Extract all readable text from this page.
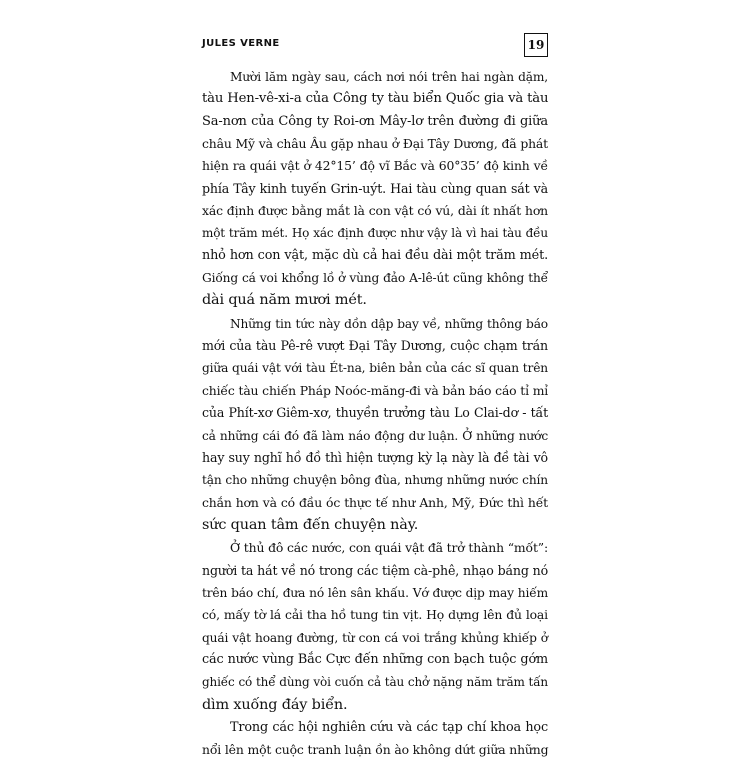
JULES VERNE	19
Mười lăm ngày sau, cách nơi nói trên hai ngàn dặm,
tàu Hen-vê-xi-a của Công ty tàu biển Quốc gia và tàu
Sa-nơn của Công ty Roi-ơn Mây-lơ trên đường đi giữa
châu Mỹ và châu Âu gặp nhau ở Đại Tây Dương, đã phát
hiện ra quái vật ở 42°15’ độ vĩ Bắc và 60°35’ độ kinh về
phía Tây kinh tuyến Grin-uýt. Hai tàu cùng quan sát và
xác định được bằng mắt là con vật có vú, dài ít nhất hơn
một trăm mét. Họ xác định được như vậy là vì hai tàu đều
nhỏ hơn con vật, mặc dù cả hai đều dài một trăm mét.
Giống cá voi khổng lồ ở vùng đảo A-lê-út cũng không thể
dài quá năm mươi mét.
Những tin tức này dồn dập bay về, những thông báo
mới của tàu Pê-rê vượt Đại Tây Dương, cuộc chạm trán
giữa quái vật với tàu Ét-na, biên bản của các sĩ quan trên
chiếc tàu chiến Pháp Noóc-măng-đi và bản báo cáo tỉ mỉ
của Phít-xơ Giêm-xơ, thuyền trưởng tàu Lo Clai-dơ - tất
cả những cái đó đã làm náo động dư luận. Ở những nước
hay suy nghĩ hồ đồ thì hiện tượng kỳ lạ này là đề tài vô
tận cho những chuyện bông đùa, nhưng những nước chín
chắn hơn và có đầu óc thực tế như Anh, Mỹ, Đức thì hết
sức quan tâm đến chuyện này.
Ở thủ đô các nước, con quái vật đã trở thành “mốt”:
người ta hát về nó trong các tiệm cà-phê, nhạo báng nó
trên báo chí, đưa nó lên sân khấu. Vớ được dịp may hiếm
có, mấy tờ lá cải tha hồ tung tin vịt. Họ dựng lên đủ loại
quái vật hoang đường, từ con cá voi trắng khủng khiếp ở
các nước vùng Bắc Cực đến những con bạch tuộc gớm
ghiếc có thể dùng vòi cuốn cả tàu chở nặng năm trăm tấn
dìm xuống đáy biển.
Trong các hội nghiên cứu và các tạp chí khoa học
nổi lên một cuộc tranh luận ồn ào không dứt giữa những
